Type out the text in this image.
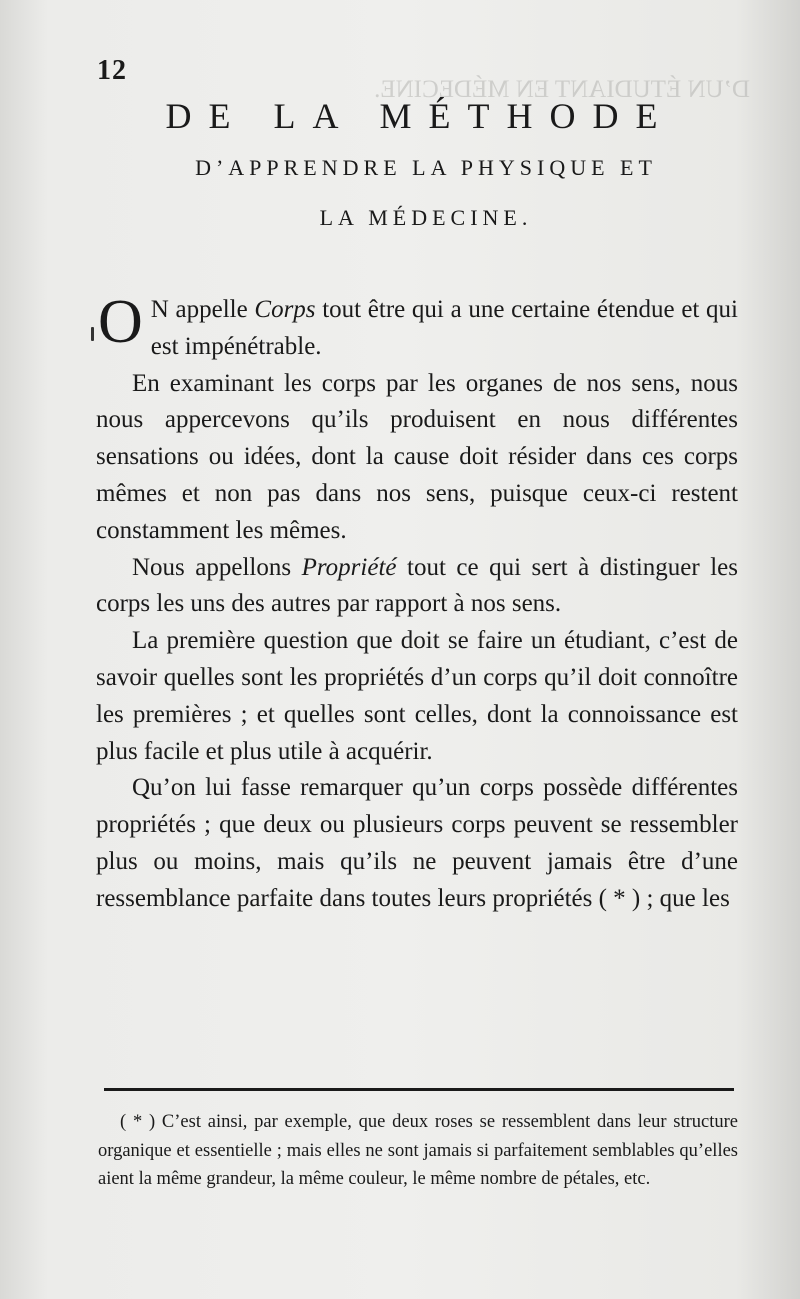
D’UN ÉTUDIANT EN MÉDECINE.
12
DE LA MÉTHODE
D’APPRENDRE LA PHYSIQUE ET
LA MÉDECINE.

O N appelle Corps tout être qui a une certaine étendue et qui est impénétrable.

En examinant les corps par les organes de nos sens, nous nous appercevons qu’ils produisent en nous différentes sensations ou idées, dont la cause doit résider dans ces corps mêmes et non pas dans nos sens, puisque ceux-ci restent constamment les mêmes.

Nous appellons Propriété tout ce qui sert à distinguer les corps les uns des autres par rapport à nos sens.

La première question que doit se faire un étudiant, c’est de savoir quelles sont les propriétés d’un corps qu’il doit connoître les premières ; et quelles sont celles, dont la connoissance est plus facile et plus utile à acquérir.

Qu’on lui fasse remarquer qu’un corps possède différentes propriétés ; que deux ou plusieurs corps peuvent se ressembler plus ou moins, mais qu’ils ne peuvent jamais être d’une ressemblance parfaite dans toutes leurs propriétés ( * ) ; que les

( * ) C’est ainsi, par exemple, que deux roses se ressemblent dans leur structure organique et essentielle ; mais elles ne sont jamais si parfaitement semblables qu’elles aient la même grandeur, la même couleur, le même nombre de pétales, etc.
